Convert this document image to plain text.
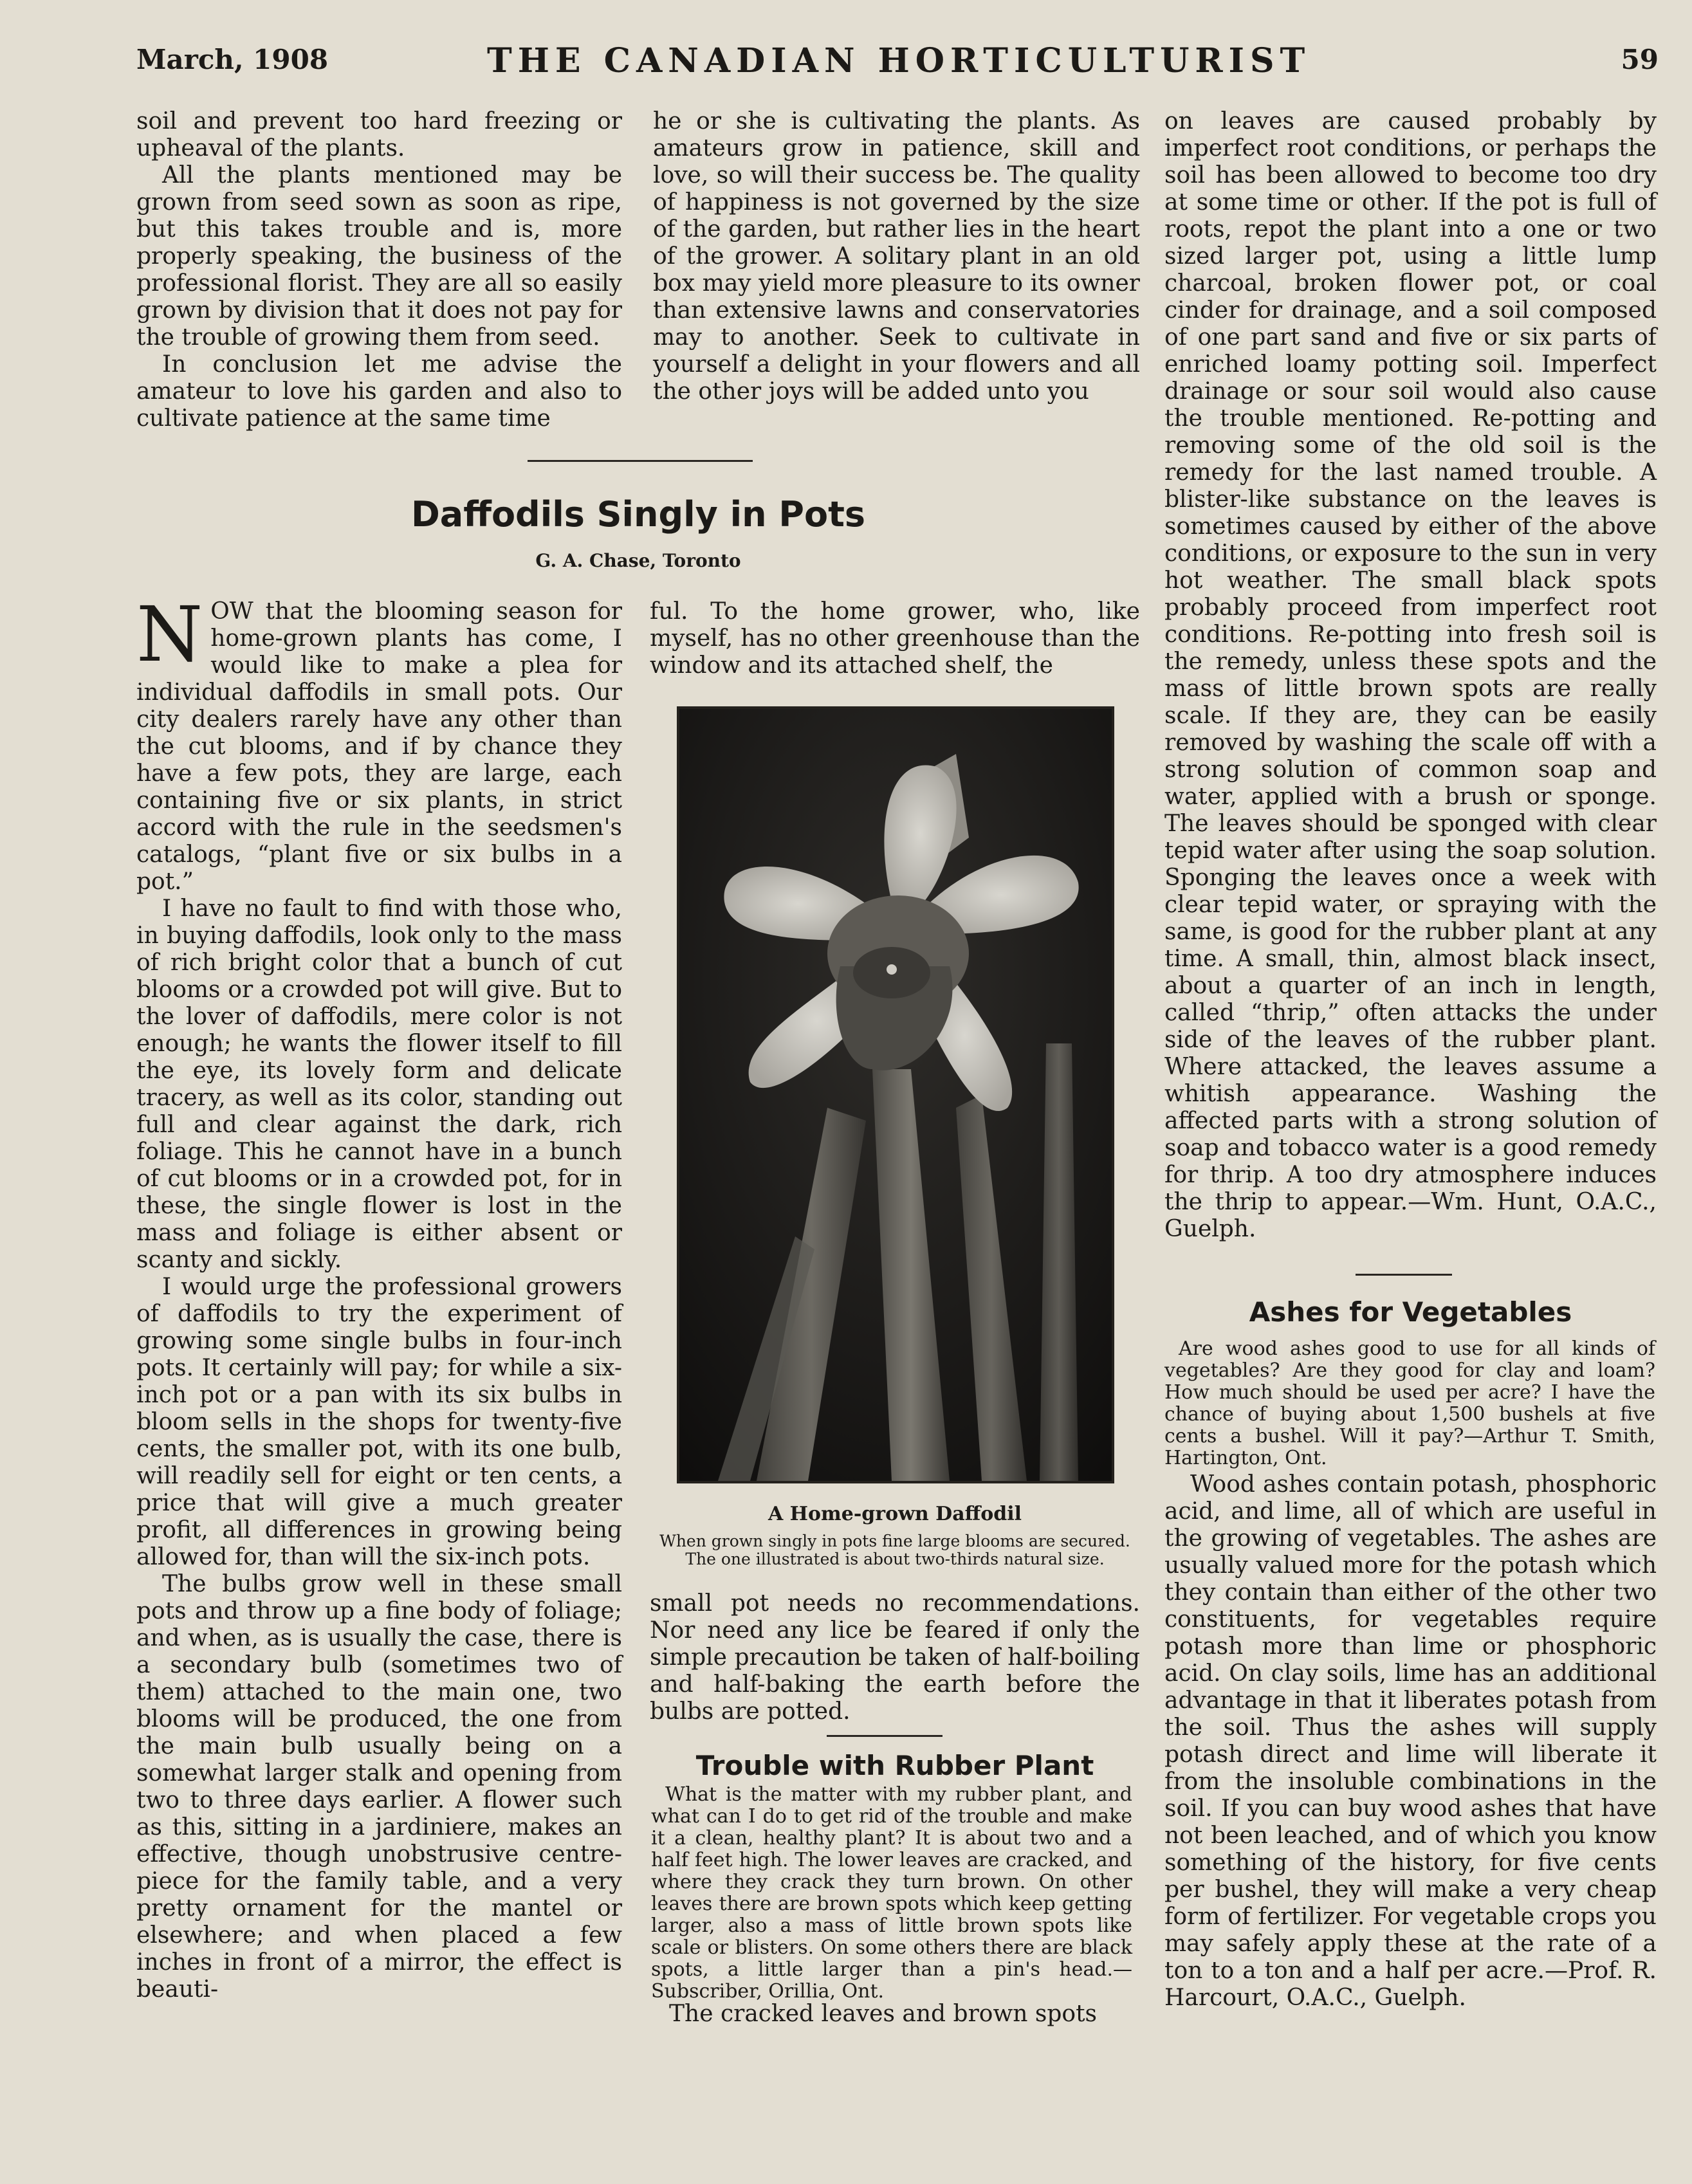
March, 1908	THE CANADIAN HORTICULTURIST	59

soil and prevent too hard freezing or upheaval of the plants.

All the plants mentioned may be grown from seed sown as soon as ripe, but this takes trouble and is, more properly speaking, the business of the professional florist. They are all so easily grown by division that it does not pay for the trouble of growing them from seed.

In conclusion let me advise the amateur to love his garden and also to cultivate patience at the same time

he or she is cultivating the plants. As amateurs grow in patience, skill and love, so will their success be. The quality of happiness is not governed by the size of the garden, but rather lies in the heart of the grower. A solitary plant in an old box may yield more pleasure to its owner than extensive lawns and conservatories may to another. Seek to cultivate in yourself a delight in your flowers and all the other joys will be added unto you

Daffodils Singly in Pots
G. A. Chase, Toronto

NOW that the blooming season for home-grown plants has come, I would like to make a plea for individual daffodils in small pots. Our city dealers rarely have any other than the cut blooms, and if by chance they have a few pots, they are large, each containing five or six plants, in strict accord with the rule in the seedsmen's catalogs, “plant five or six bulbs in a pot.”

I have no fault to find with those who, in buying daffodils, look only to the mass of rich bright color that a bunch of cut blooms or a crowded pot will give. But to the lover of daffodils, mere color is not enough; he wants the flower itself to fill the eye, its lovely form and delicate tracery, as well as its color, standing out full and clear against the dark, rich foliage. This he cannot have in a bunch of cut blooms or in a crowded pot, for in these, the single flower is lost in the mass and foliage is either absent or scanty and sickly.

I would urge the professional growers of daffodils to try the experiment of growing some single bulbs in four-inch pots. It certainly will pay; for while a six-inch pot or a pan with its six bulbs in bloom sells in the shops for twenty-five cents, the smaller pot, with its one bulb, will readily sell for eight or ten cents, a price that will give a much greater profit, all differences in growing being allowed for, than will the six-inch pots.

The bulbs grow well in these small pots and throw up a fine body of foliage; and when, as is usually the case, there is a secondary bulb (sometimes two of them) attached to the main one, two blooms will be produced, the one from the main bulb usually being on a somewhat larger stalk and opening from two to three days earlier. A flower such as this, sitting in a jardiniere, makes an effective, though unobstrusive centre-piece for the family table, and a very pretty ornament for the mantel or elsewhere; and when placed a few inches in front of a mirror, the effect is beauti-

ful. To the home grower, who, like myself, has no other greenhouse than the window and its attached shelf, the

A Home-grown Daffodil
When grown singly in pots fine large blooms are secured. The one illustrated is about two-thirds natural size.

small pot needs no recommendations. Nor need any lice be feared if only the simple precaution be taken of half-boiling and half-baking the earth before the bulbs are potted.

Trouble with Rubber Plant

What is the matter with my rubber plant, and what can I do to get rid of the trouble and make it a clean, healthy plant? It is about two and a half feet high. The lower leaves are cracked, and where they crack they turn brown. On other leaves there are brown spots which keep getting larger, also a mass of little brown spots like scale or blisters. On some others there are black spots, a little larger than a pin's head.—Subscriber, Orillia, Ont.

The cracked leaves and brown spots

on leaves are caused probably by imperfect root conditions, or perhaps the soil has been allowed to become too dry at some time or other. If the pot is full of roots, repot the plant into a one or two sized larger pot, using a little lump charcoal, broken flower pot, or coal cinder for drainage, and a soil composed of one part sand and five or six parts of enriched loamy potting soil. Imperfect drainage or sour soil would also cause the trouble mentioned. Re-potting and removing some of the old soil is the remedy for the last named trouble. A blister-like substance on the leaves is sometimes caused by either of the above conditions, or exposure to the sun in very hot weather. The small black spots probably proceed from imperfect root conditions. Re-potting into fresh soil is the remedy, unless these spots and the mass of little brown spots are really scale. If they are, they can be easily removed by washing the scale off with a strong solution of common soap and water, applied with a brush or sponge. The leaves should be sponged with clear tepid water after using the soap solution. Sponging the leaves once a week with clear tepid water, or spraying with the same, is good for the rubber plant at any time. A small, thin, almost black insect, about a quarter of an inch in length, called “thrip,” often attacks the under side of the leaves of the rubber plant. Where attacked, the leaves assume a whitish appearance. Washing the affected parts with a strong solution of soap and tobacco water is a good remedy for thrip. A too dry atmosphere induces the thrip to appear.—Wm. Hunt, O.A.C., Guelph.

Ashes for Vegetables

Are wood ashes good to use for all kinds of vegetables? Are they good for clay and loam? How much should be used per acre? I have the chance of buying about 1,500 bushels at five cents a bushel. Will it pay?—Arthur T. Smith, Hartington, Ont.

Wood ashes contain potash, phosphoric acid, and lime, all of which are useful in the growing of vegetables. The ashes are usually valued more for the potash which they contain than either of the other two constituents, for vegetables require potash more than lime or phosphoric acid. On clay soils, lime has an additional advantage in that it liberates potash from the soil. Thus the ashes will supply potash direct and lime will liberate it from the insoluble combinations in the soil. If you can buy wood ashes that have not been leached, and of which you know something of the history, for five cents per bushel, they will make a very cheap form of fertilizer. For vegetable crops you may safely apply these at the rate of a ton to a ton and a half per acre.—Prof. R. Harcourt, O.A.C., Guelph.
